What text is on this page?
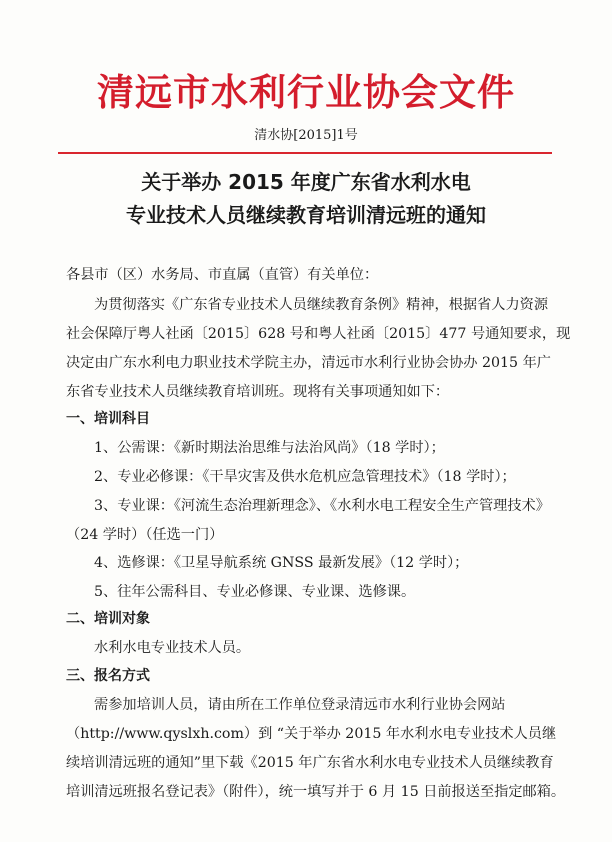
清远市水利行业协会文件
清水协[2015]1号
关于举办 2015 年度广东省水利水电
专业技术人员继续教育培训清远班的通知
各县市（区）水务局、市直属（直管）有关单位：
为贯彻落实《广东省专业技术人员继续教育条例》精神，根据省人力资源
社会保障厅粤人社函〔2015〕628 号和粤人社函〔2015〕477 号通知要求，现
决定由广东水利电力职业技术学院主办，清远市水利行业协会协办 2015 年广
东省专业技术人员继续教育培训班。现将有关事项通知如下：
一、培训科目
1、公需课：《新时期法治思维与法治风尚》（18 学时）；
2、专业必修课：《干旱灾害及供水危机应急管理技术》（18 学时）；
3、专业课：《河流生态治理新理念》、《水利水电工程安全生产管理技术》
（24 学时）（任选一门）
4、选修课：《卫星导航系统 GNSS 最新发展》（12 学时）；
5、往年公需科目、专业必修课、专业课、选修课。
二、培训对象
水利水电专业技术人员。
三、报名方式
需参加培训人员，请由所在工作单位登录清远市水利行业协会网站
（http://www.qyslxh.com）到 “关于举办 2015 年水利水电专业技术人员继
续培训清远班的通知”里下载《2015 年广东省水利水电专业技术人员继续教育
培训清远班报名登记表》（附件），统一填写并于 6 月 15 日前报送至指定邮箱。
